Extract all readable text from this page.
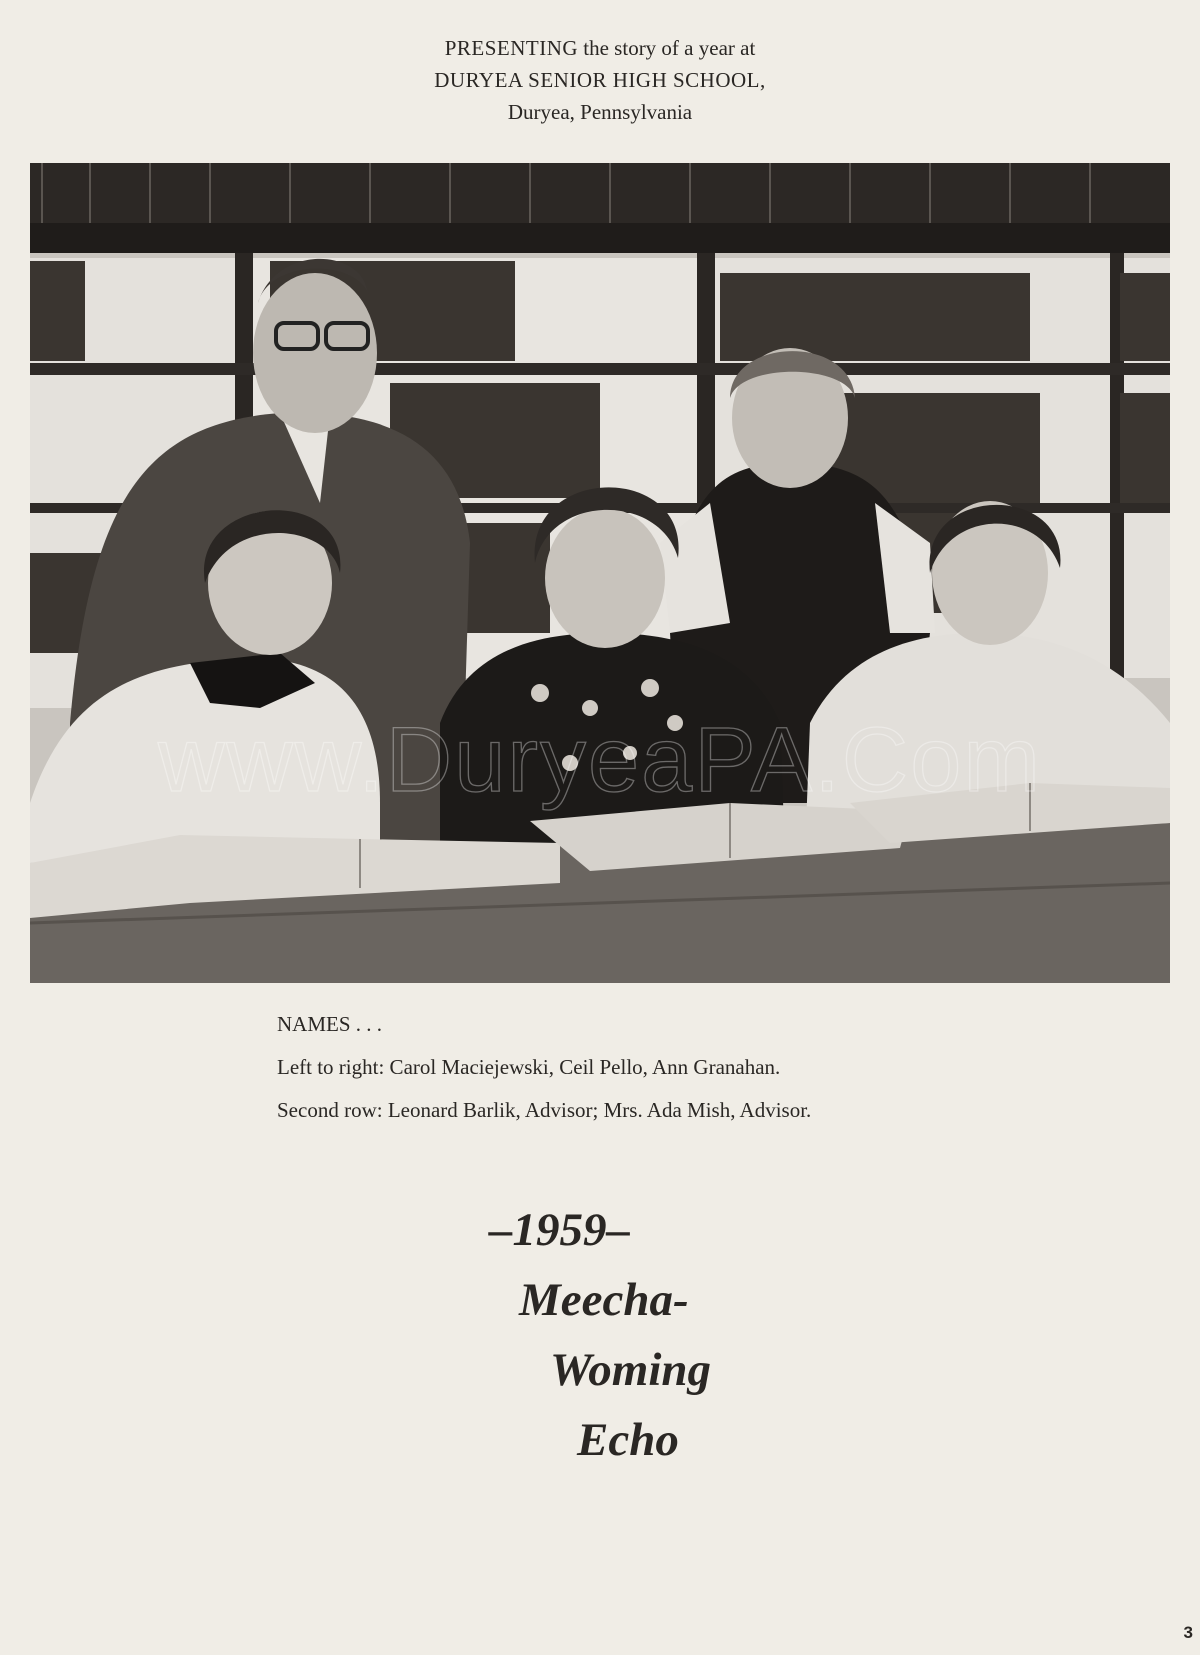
PRESENTING the story of a year at
DURYEA SENIOR HIGH SCHOOL,
Duryea, Pennsylvania
www.DuryeaPA.Com
NAMES . . .
Left to right: Carol Maciejewski, Ceil Pello, Ann Granahan.
Second row: Leonard Barlik, Advisor; Mrs. Ada Mish, Advisor.
–1959–
Meecha-
Woming
Echo
3
